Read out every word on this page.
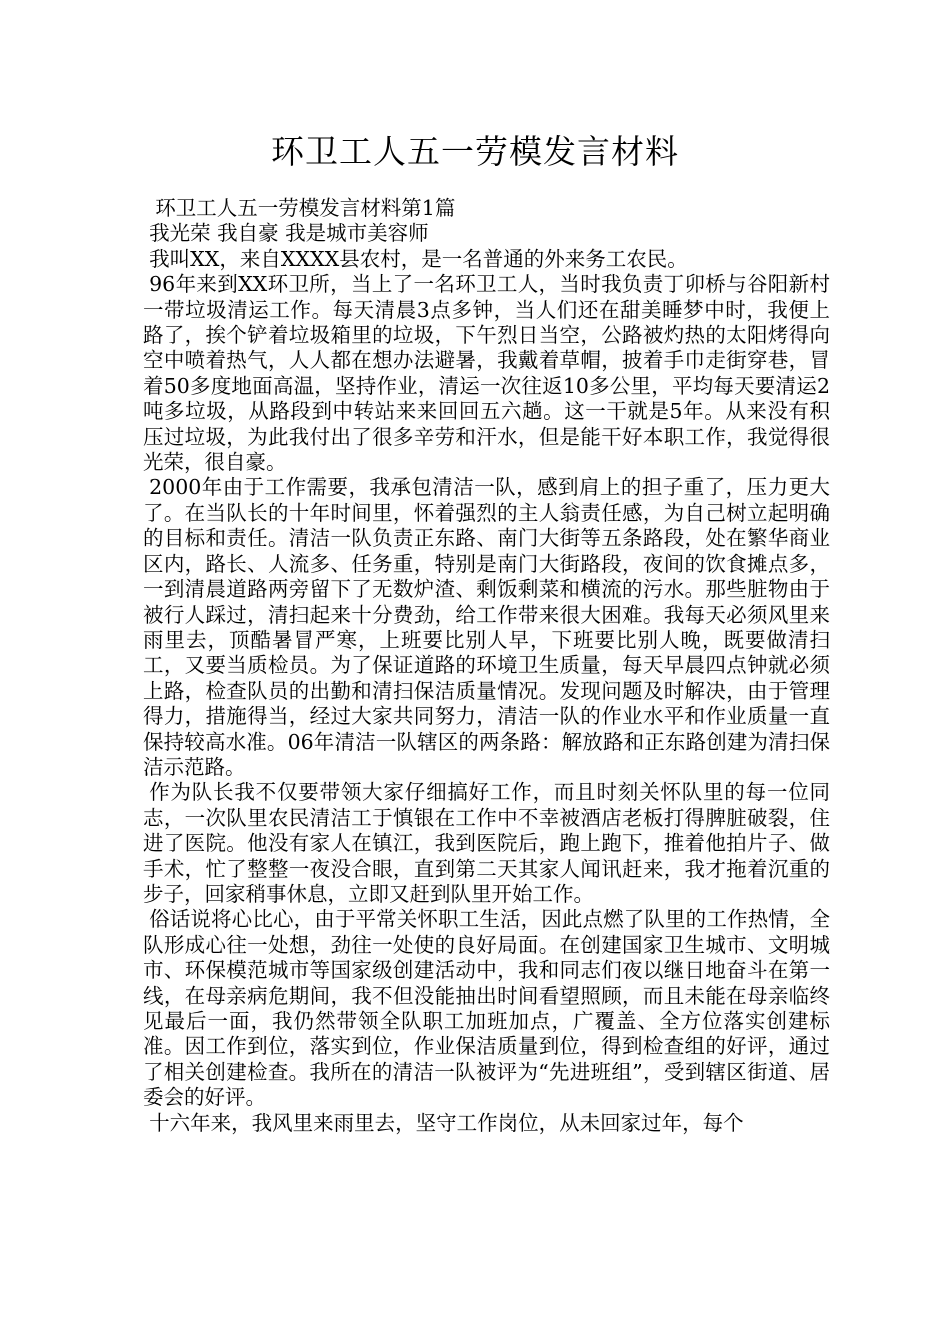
环卫工人五一劳模发言材料

环卫工人五一劳模发言材料第1篇

我光荣 我自豪 我是城市美容师

我叫XX，来自XXXX县农村，是一名普通的外来务工农民。

96年来到XX环卫所，当上了一名环卫工人，当时我负责丁卯桥与谷阳新村一带垃圾清运工作。每天清晨3点多钟，当人们还在甜美睡梦中时，我便上路了，挨个铲着垃圾箱里的垃圾，下午烈日当空，公路被灼热的太阳烤得向空中喷着热气，人人都在想办法避暑，我戴着草帽，披着手巾走街穿巷，冒着50多度地面高温，坚持作业，清运一次往返10多公里，平均每天要清运2吨多垃圾，从路段到中转站来来回回五六趟。这一干就是5年。从来没有积压过垃圾，为此我付出了很多辛劳和汗水，但是能干好本职工作，我觉得很光荣，很自豪。

2000年由于工作需要，我承包清洁一队，感到肩上的担子重了，压力更大了。在当队长的十年时间里，怀着强烈的主人翁责任感，为自己树立起明确的目标和责任。清洁一队负责正东路、南门大街等五条路段，处在繁华商业区内，路长、人流多、任务重，特别是南门大街路段，夜间的饮食摊点多，一到清晨道路两旁留下了无数炉渣、剩饭剩菜和横流的污水。那些脏物由于被行人踩过，清扫起来十分费劲，给工作带来很大困难。我每天必须风里来雨里去，顶酷暑冒严寒，上班要比别人早，下班要比别人晚，既要做清扫工，又要当质检员。为了保证道路的环境卫生质量，每天早晨四点钟就必须上路，检查队员的出勤和清扫保洁质量情况。发现问题及时解决，由于管理得力，措施得当，经过大家共同努力，清洁一队的作业水平和作业质量一直保持较高水准。06年清洁一队辖区的两条路：解放路和正东路创建为清扫保洁示范路。

作为队长我不仅要带领大家仔细搞好工作，而且时刻关怀队里的每一位同志，一次队里农民清洁工于慎银在工作中不幸被酒店老板打得脾脏破裂，住进了医院。他没有家人在镇江，我到医院后，跑上跑下，推着他拍片子、做手术，忙了整整一夜没合眼，直到第二天其家人闻讯赶来，我才拖着沉重的步子，回家稍事休息，立即又赶到队里开始工作。

俗话说将心比心，由于平常关怀职工生活，因此点燃了队里的工作热情，全队形成心往一处想，劲往一处使的良好局面。在创建国家卫生城市、文明城市、环保模范城市等国家级创建活动中，我和同志们夜以继日地奋斗在第一线，在母亲病危期间，我不但没能抽出时间看望照顾，而且未能在母亲临终见最后一面，我仍然带领全队职工加班加点，广覆盖、全方位落实创建标准。因工作到位，落实到位，作业保洁质量到位，得到检查组的好评，通过了相关创建检查。我所在的清洁一队被评为“先进班组”，受到辖区街道、居委会的好评。

十六年来，我风里来雨里去，坚守工作岗位，从未回家过年，每个
